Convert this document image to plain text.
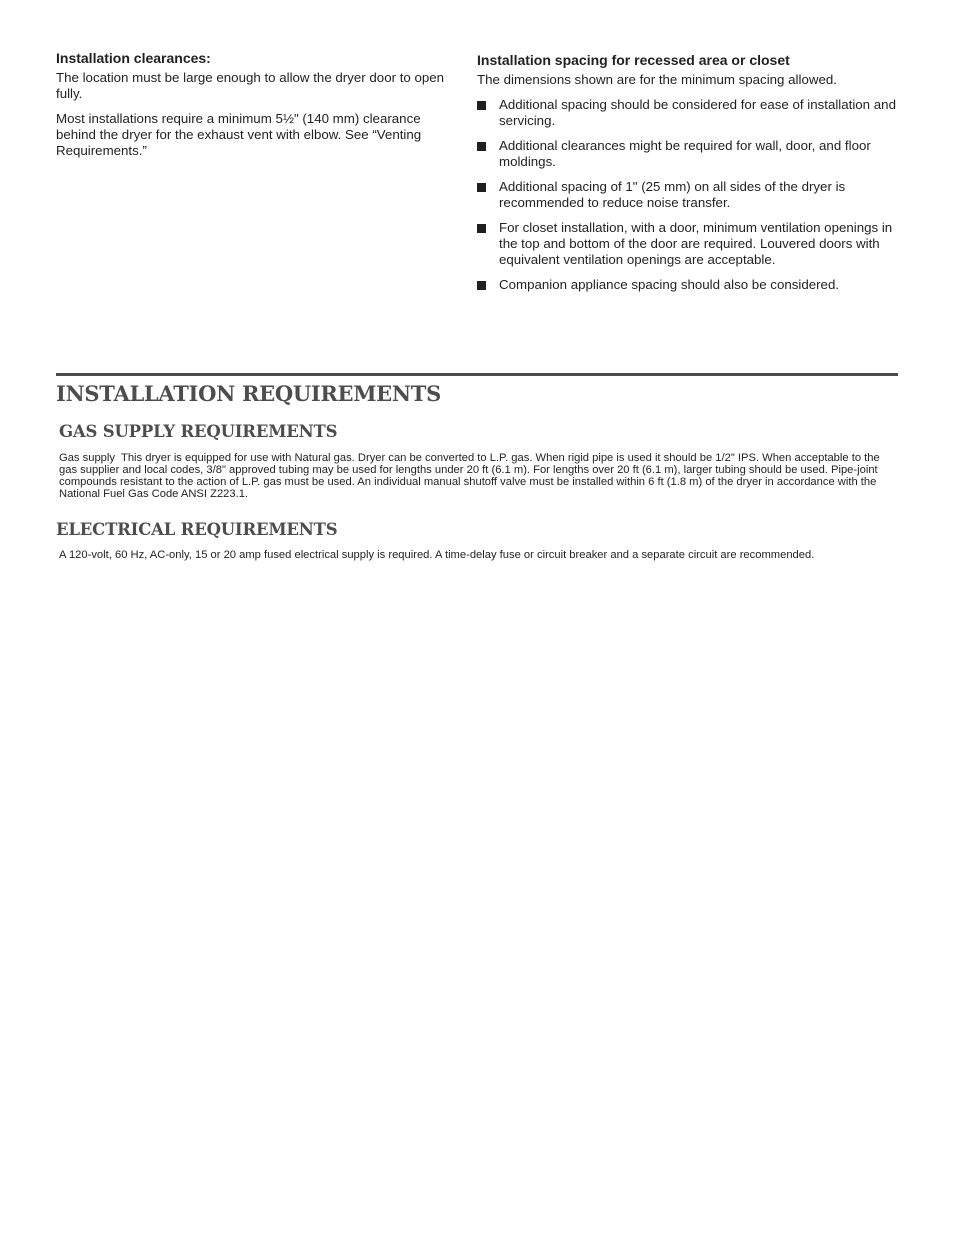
Installation clearances:

The location must be large enough to allow the dryer door to open fully.

Most installations require a minimum 5½" (140 mm) clearance behind the dryer for the exhaust vent with elbow. See “Venting Requirements.”

Installation spacing for recessed area or closet

The dimensions shown are for the minimum spacing allowed.

Additional spacing should be considered for ease of installation and servicing.
Additional clearances might be required for wall, door, and floor moldings.
Additional spacing of 1" (25 mm) on all sides of the dryer is recommended to reduce noise transfer.
For closet installation, with a door, minimum ventilation openings in the top and bottom of the door are required. Louvered doors with equivalent ventilation openings are acceptable.
Companion appliance spacing should also be considered.
INSTALLATION REQUIREMENTS
GAS SUPPLY REQUIREMENTS

Gas supply This dryer is equipped for use with Natural gas. Dryer can be converted to L.P. gas. When rigid pipe is used it should be 1/2" IPS. When acceptable to the gas supplier and local codes, 3/8" approved tubing may be used for lengths under 20 ft (6.1 m). For lengths over 20 ft (6.1 m), larger tubing should be used. Pipe-joint compounds resistant to the action of L.P. gas must be used. An individual manual shutoff valve must be installed within 6 ft (1.8 m) of the dryer in accordance with the National Fuel Gas Code ANSI Z223.1.

ELECTRICAL REQUIREMENTS

A 120-volt, 60 Hz, AC-only, 15 or 20 amp fused electrical supply is required. A time-delay fuse or circuit breaker and a separate circuit are recommended.
